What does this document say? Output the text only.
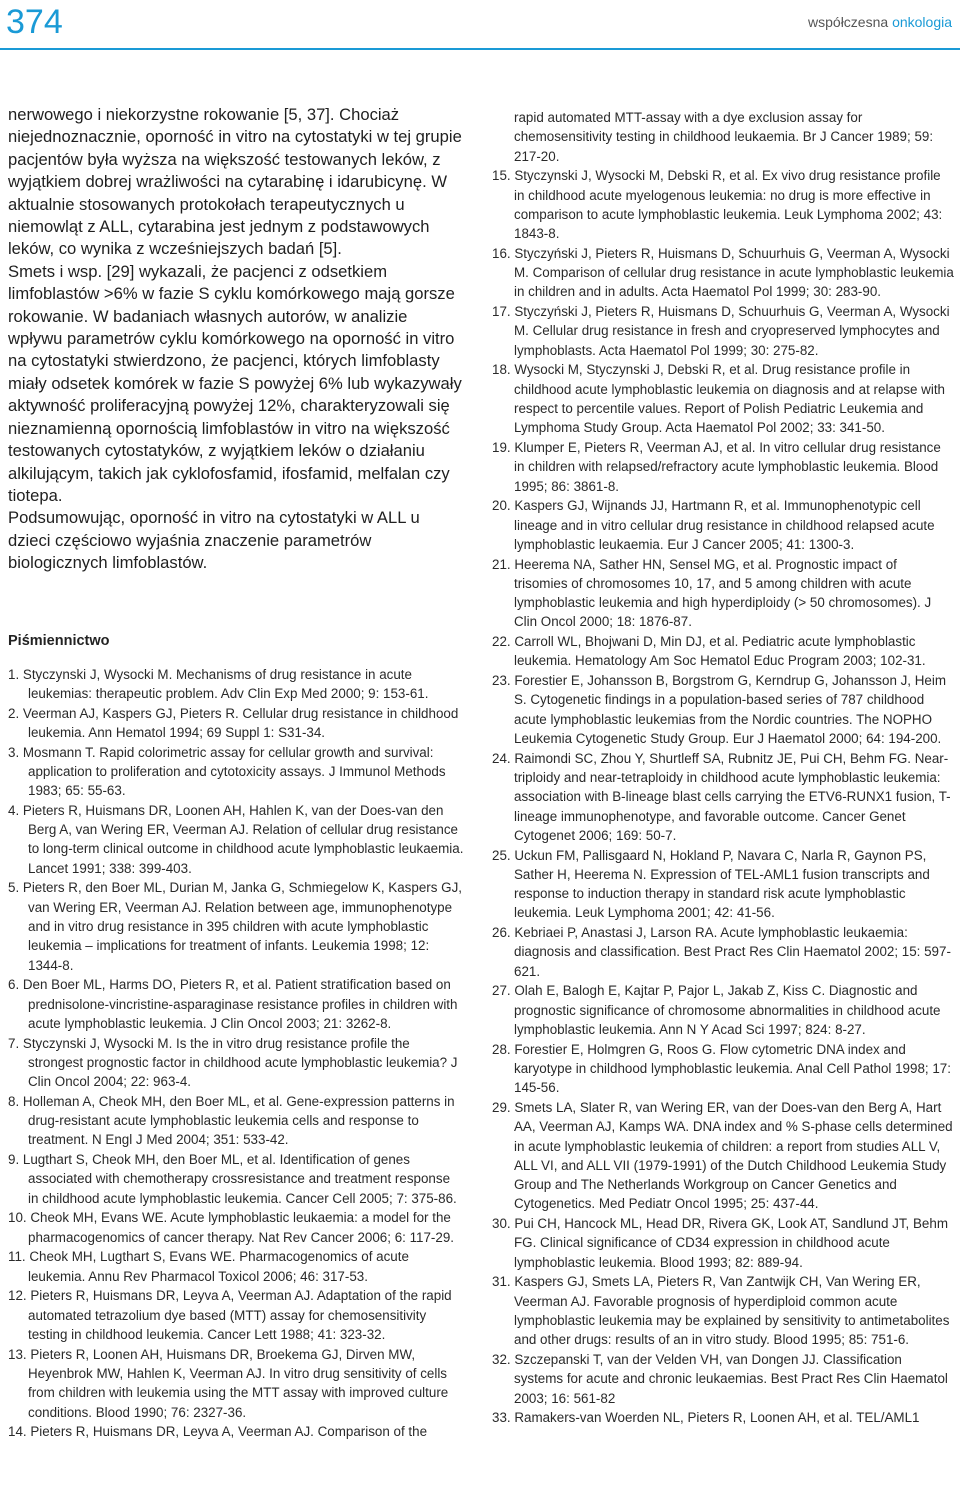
374	współczesna onkologia

nerwowego i niekorzystne rokowanie [5, 37]. Chociaż niejednoznacznie, oporność in vitro na cytostatyki w tej grupie pacjentów była wyższa na większość testowanych leków, z wyjątkiem dobrej wrażliwości na cytarabinę i idarubicynę. W aktualnie stosowanych protokołach terapeutycznych u niemowląt z ALL, cytarabina jest jednym z podstawowych leków, co wynika z wcześniejszych badań [5].

Smets i wsp. [29] wykazali, że pacjenci z odsetkiem limfoblastów >6% w fazie S cyklu komórkowego mają gorsze rokowanie. W badaniach własnych autorów, w analizie wpływu parametrów cyklu komórkowego na oporność in vitro na cytostatyki stwierdzono, że pacjenci, których limfoblasty miały odsetek komórek w fazie S powyżej 6% lub wykazywały aktywność proliferacyjną powyżej 12%, charakteryzowali się nieznamienną opornością limfoblastów in vitro na większość testowanych cytostatyków, z wyjątkiem leków o działaniu alkilującym, takich jak cyklofosfamid, ifosfamid, melfalan czy tiotepa.

Podsumowując, oporność in vitro na cytostatyki w ALL u dzieci częściowo wyjaśnia znaczenie parametrów biologicznych limfoblastów.

Piśmiennictwo
1. Styczynski J, Wysocki M. Mechanisms of drug resistance in acute leukemias: therapeutic problem. Adv Clin Exp Med 2000; 9: 153-61.
2. Veerman AJ, Kaspers GJ, Pieters R. Cellular drug resistance in childhood leukemia. Ann Hematol 1994; 69 Suppl 1: S31-34.
3. Mosmann T. Rapid colorimetric assay for cellular growth and survival: application to proliferation and cytotoxicity assays. J Immunol Methods 1983; 65: 55-63.
4. Pieters R, Huismans DR, Loonen AH, Hahlen K, van der Does-van den Berg A, van Wering ER, Veerman AJ. Relation of cellular drug resistance to long-term clinical outcome in childhood acute lymphoblastic leukaemia. Lancet 1991; 338: 399-403.
5. Pieters R, den Boer ML, Durian M, Janka G, Schmiegelow K, Kaspers GJ, van Wering ER, Veerman AJ. Relation between age, immunophenotype and in vitro drug resistance in 395 children with acute lymphoblastic leukemia – implications for treatment of infants. Leukemia 1998; 12: 1344-8.
6. Den Boer ML, Harms DO, Pieters R, et al. Patient stratification based on prednisolone-vincristine-asparaginase resistance profiles in children with acute lymphoblastic leukemia. J Clin Oncol 2003; 21: 3262-8.
7. Styczynski J, Wysocki M. Is the in vitro drug resistance profile the strongest prognostic factor in childhood acute lymphoblastic leukemia? J Clin Oncol 2004; 22: 963-4.
8. Holleman A, Cheok MH, den Boer ML, et al. Gene-expression patterns in drug-resistant acute lymphoblastic leukemia cells and response to treatment. N Engl J Med 2004; 351: 533-42.
9. Lugthart S, Cheok MH, den Boer ML, et al. Identification of genes associated with chemotherapy crossresistance and treatment response in childhood acute lymphoblastic leukemia. Cancer Cell 2005; 7: 375-86.
10. Cheok MH, Evans WE. Acute lymphoblastic leukaemia: a model for the pharmacogenomics of cancer therapy. Nat Rev Cancer 2006; 6: 117-29.
11. Cheok MH, Lugthart S, Evans WE. Pharmacogenomics of acute leukemia. Annu Rev Pharmacol Toxicol 2006; 46: 317-53.
12. Pieters R, Huismans DR, Leyva A, Veerman AJ. Adaptation of the rapid automated tetrazolium dye based (MTT) assay for chemosensitivity testing in childhood leukemia. Cancer Lett 1988; 41: 323-32.
13. Pieters R, Loonen AH, Huismans DR, Broekema GJ, Dirven MW, Heyenbrok MW, Hahlen K, Veerman AJ. In vitro drug sensitivity of cells from children with leukemia using the MTT assay with improved culture conditions. Blood 1990; 76: 2327-36.
14. Pieters R, Huismans DR, Leyva A, Veerman AJ. Comparison of the
rapid automated MTT-assay with a dye exclusion assay for chemosensitivity testing in childhood leukaemia. Br J Cancer 1989; 59: 217-20.
15. Styczynski J, Wysocki M, Debski R, et al. Ex vivo drug resistance profile in childhood acute myelogenous leukemia: no drug is more effective in comparison to acute lymphoblastic leukemia. Leuk Lymphoma 2002; 43: 1843-8.
16. Styczyński J, Pieters R, Huismans D, Schuurhuis G, Veerman A, Wysocki M. Comparison of cellular drug resistance in acute lymphoblastic leukemia in children and in adults. Acta Haematol Pol 1999; 30: 283-90.
17. Styczyński J, Pieters R, Huismans D, Schuurhuis G, Veerman A, Wysocki M. Cellular drug resistance in fresh and cryopreserved lymphocytes and lymphoblasts. Acta Haematol Pol 1999; 30: 275-82.
18. Wysocki M, Styczynski J, Debski R, et al. Drug resistance profile in childhood acute lymphoblastic leukemia on diagnosis and at relapse with respect to percentile values. Report of Polish Pediatric Leukemia and Lymphoma Study Group. Acta Haematol Pol 2002; 33: 341-50.
19. Klumper E, Pieters R, Veerman AJ, et al. In vitro cellular drug resistance in children with relapsed/refractory acute lymphoblastic leukemia. Blood 1995; 86: 3861-8.
20. Kaspers GJ, Wijnands JJ, Hartmann R, et al. Immunophenotypic cell lineage and in vitro cellular drug resistance in childhood relapsed acute lymphoblastic leukaemia. Eur J Cancer 2005; 41: 1300-3.
21. Heerema NA, Sather HN, Sensel MG, et al. Prognostic impact of trisomies of chromosomes 10, 17, and 5 among children with acute lymphoblastic leukemia and high hyperdiploidy (> 50 chromosomes). J Clin Oncol 2000; 18: 1876-87.
22. Carroll WL, Bhojwani D, Min DJ, et al. Pediatric acute lymphoblastic leukemia. Hematology Am Soc Hematol Educ Program 2003; 102-31.
23. Forestier E, Johansson B, Borgstrom G, Kerndrup G, Johansson J, Heim S. Cytogenetic findings in a population-based series of 787 childhood acute lymphoblastic leukemias from the Nordic countries. The NOPHO Leukemia Cytogenetic Study Group. Eur J Haematol 2000; 64: 194-200.
24. Raimondi SC, Zhou Y, Shurtleff SA, Rubnitz JE, Pui CH, Behm FG. Near-triploidy and near-tetraploidy in childhood acute lymphoblastic leukemia: association with B-lineage blast cells carrying the ETV6-RUNX1 fusion, T-lineage immunophenotype, and favorable outcome. Cancer Genet Cytogenet 2006; 169: 50-7.
25. Uckun FM, Pallisgaard N, Hokland P, Navara C, Narla R, Gaynon PS, Sather H, Heerema N. Expression of TEL-AML1 fusion transcripts and response to induction therapy in standard risk acute lymphoblastic leukemia. Leuk Lymphoma 2001; 42: 41-56.
26. Kebriaei P, Anastasi J, Larson RA. Acute lymphoblastic leukaemia: diagnosis and classification. Best Pract Res Clin Haematol 2002; 15: 597-621.
27. Olah E, Balogh E, Kajtar P, Pajor L, Jakab Z, Kiss C. Diagnostic and prognostic significance of chromosome abnormalities in childhood acute lymphoblastic leukemia. Ann N Y Acad Sci 1997; 824: 8-27.
28. Forestier E, Holmgren G, Roos G. Flow cytometric DNA index and karyotype in childhood lymphoblastic leukemia. Anal Cell Pathol 1998; 17: 145-56.
29. Smets LA, Slater R, van Wering ER, van der Does-van den Berg A, Hart AA, Veerman AJ, Kamps WA. DNA index and % S-phase cells determined in acute lymphoblastic leukemia of children: a report from studies ALL V, ALL VI, and ALL VII (1979-1991) of the Dutch Childhood Leukemia Study Group and The Netherlands Workgroup on Cancer Genetics and Cytogenetics. Med Pediatr Oncol 1995; 25: 437-44.
30. Pui CH, Hancock ML, Head DR, Rivera GK, Look AT, Sandlund JT, Behm FG. Clinical significance of CD34 expression in childhood acute lymphoblastic leukemia. Blood 1993; 82: 889-94.
31. Kaspers GJ, Smets LA, Pieters R, Van Zantwijk CH, Van Wering ER, Veerman AJ. Favorable prognosis of hyperdiploid common acute lymphoblastic leukemia may be explained by sensitivity to antimetabolites and other drugs: results of an in vitro study. Blood 1995; 85: 751-6.
32. Szczepanski T, van der Velden VH, van Dongen JJ. Classification systems for acute and chronic leukaemias. Best Pract Res Clin Haematol 2003; 16: 561-82
33. Ramakers-van Woerden NL, Pieters R, Loonen AH, et al. TEL/AML1
